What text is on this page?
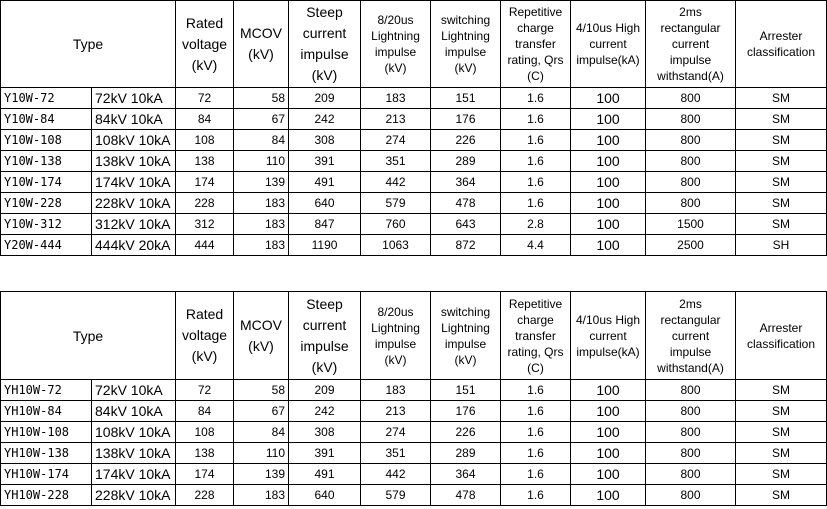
Type		Rated
voltage
(kV)	MCOV
(kV)	Steep
current
impulse
(kV)	8/20us
Lightning
impulse
(kV)	switching
Lightning
impulse
(kV)	Repetitive
charge
transfer
rating, Qrs
(C)	4/10us High
current
impulse(kA)	2ms
rectangular
current
impulse
withstand(A)	Arrester
classification
Y10W-72	72kV 10kA	72	58	209	183	151	1.6	100	800	SM
Y10W-84	84kV 10kA	84	67	242	213	176	1.6	100	800	SM
Y10W-108	108kV 10kA	108	84	308	274	226	1.6	100	800	SM
Y10W-138	138kV 10kA	138	110	391	351	289	1.6	100	800	SM
Y10W-174	174kV 10kA	174	139	491	442	364	1.6	100	800	SM
Y10W-228	228kV 10kA	228	183	640	579	478	1.6	100	800	SM
Y10W-312	312kV 10kA	312	183	847	760	643	2.8	100	1500	SM
Y20W-444	444kV 20kA	444	183	1190	1063	872	4.4	100	2500	SH
Type		Rated
voltage
(kV)	MCOV
(kV)	Steep
current
impulse
(kV)	8/20us
Lightning
impulse
(kV)	switching
Lightning
impulse
(kV)	Repetitive
charge
transfer
rating, Qrs
(C)	4/10us High
current
impulse(kA)	2ms
rectangular
current
impulse
withstand(A)	Arrester
classification
YH10W-72	72kV 10kA	72	58	209	183	151	1.6	100	800	SM
YH10W-84	84kV 10kA	84	67	242	213	176	1.6	100	800	SM
YH10W-108	108kV 10kA	108	84	308	274	226	1.6	100	800	SM
YH10W-138	138kV 10kA	138	110	391	351	289	1.6	100	800	SM
YH10W-174	174kV 10kA	174	139	491	442	364	1.6	100	800	SM
YH10W-228	228kV 10kA	228	183	640	579	478	1.6	100	800	SM
